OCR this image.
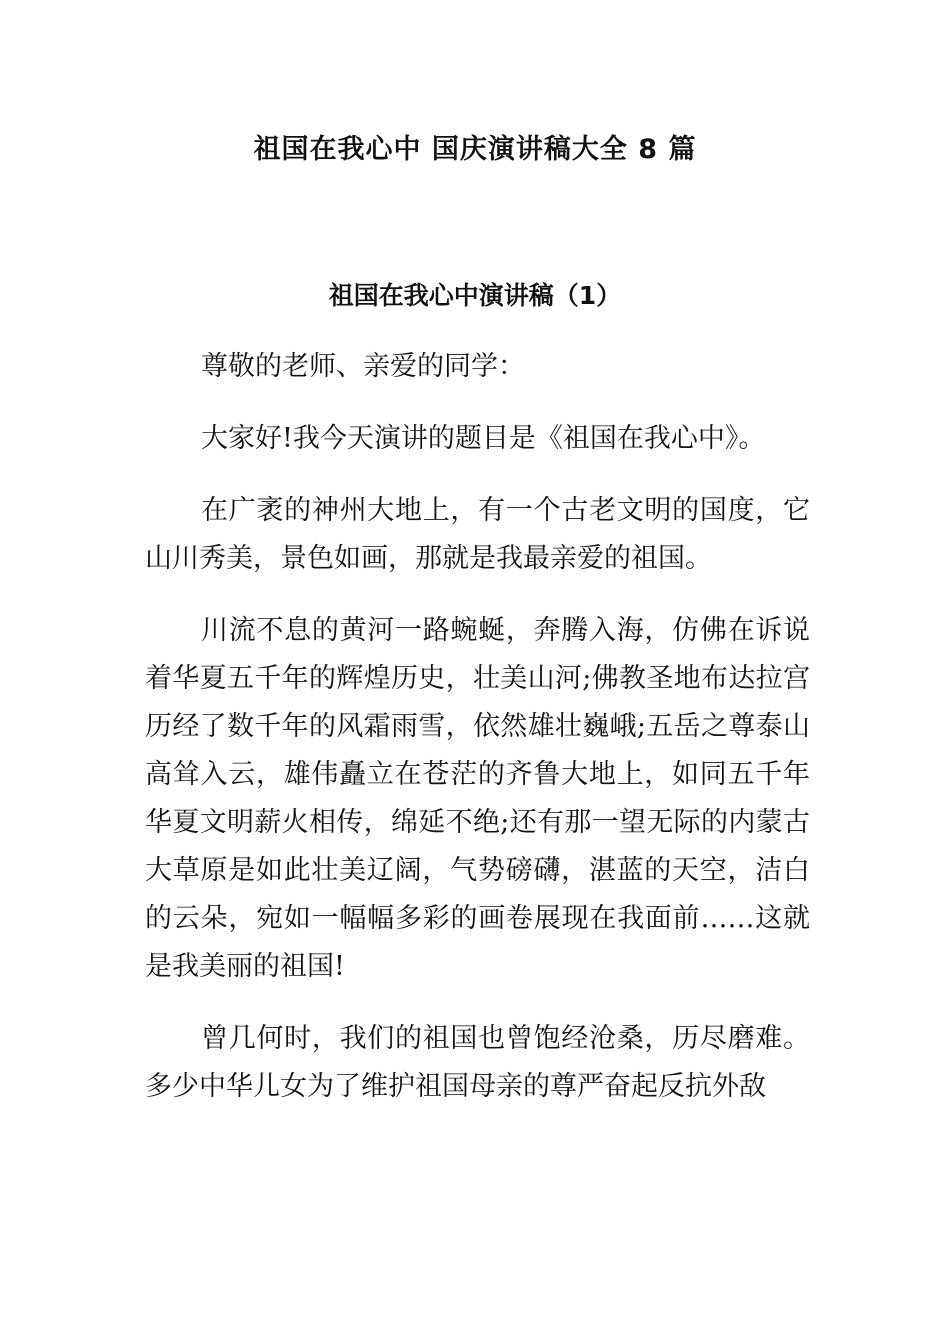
祖国在我心中 国庆演讲稿大全 8 篇
祖国在我心中演讲稿（1）

尊敬的老师、亲爱的同学：

大家好!我今天演讲的题目是《祖国在我心中》。

在广袤的神州大地上，有一个古老文明的国度，它山川秀美，景色如画，那就是我最亲爱的祖国。

川流不息的黄河一路蜿蜒，奔腾入海，仿佛在诉说着华夏五千年的辉煌历史，壮美山河;佛教圣地布达拉宫历经了数千年的风霜雨雪，依然雄壮巍峨;五岳之尊泰山高耸入云，雄伟矗立在苍茫的齐鲁大地上，如同五千年华夏文明薪火相传，绵延不绝;还有那一望无际的内蒙古大草原是如此壮美辽阔，气势磅礴，湛蓝的天空，洁白的云朵，宛如一幅幅多彩的画卷展现在我面前……这就是我美丽的祖国!

曾几何时，我们的祖国也曾饱经沧桑，历尽磨难。多少中华儿女为了维护祖国母亲的尊严奋起反抗外敌
